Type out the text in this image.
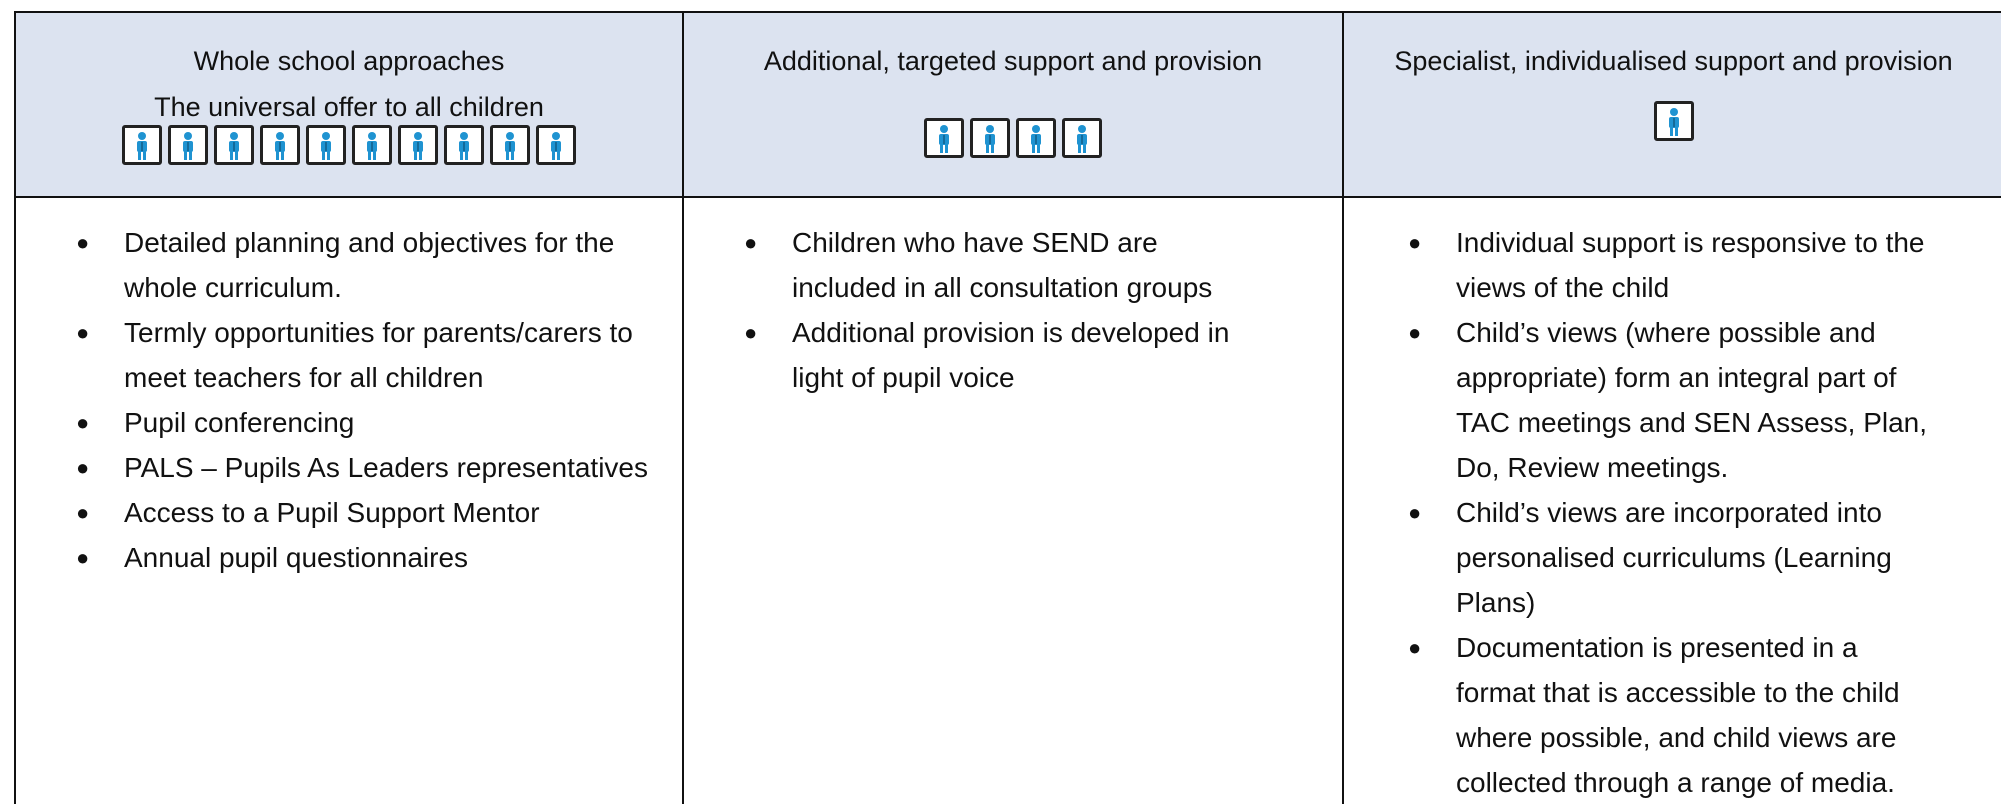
Whole school approaches
The universal offer to all children
Additional, targeted support and provision	Specialist, individualised support and provision
● Detailed planning and objectives for the whole curriculum.
● Termly opportunities for parents/carers to meet teachers for all children
● Pupil conferencing
● PALS – Pupils As Leaders representatives
● Access to a Pupil Support Mentor
● Annual pupil questionnaires
● Children who have SEND are included in all consultation groups
● Additional provision is developed in light of pupil voice
● Individual support is responsive to the views of the child
● Child’s views (where possible and appropriate) form an integral part of TAC meetings and SEN Assess, Plan, Do, Review meetings.
● Child’s views are incorporated into personalised curriculums (Learning Plans)
● Documentation is presented in a format that is accessible to the child where possible, and child views are collected through a range of media.
